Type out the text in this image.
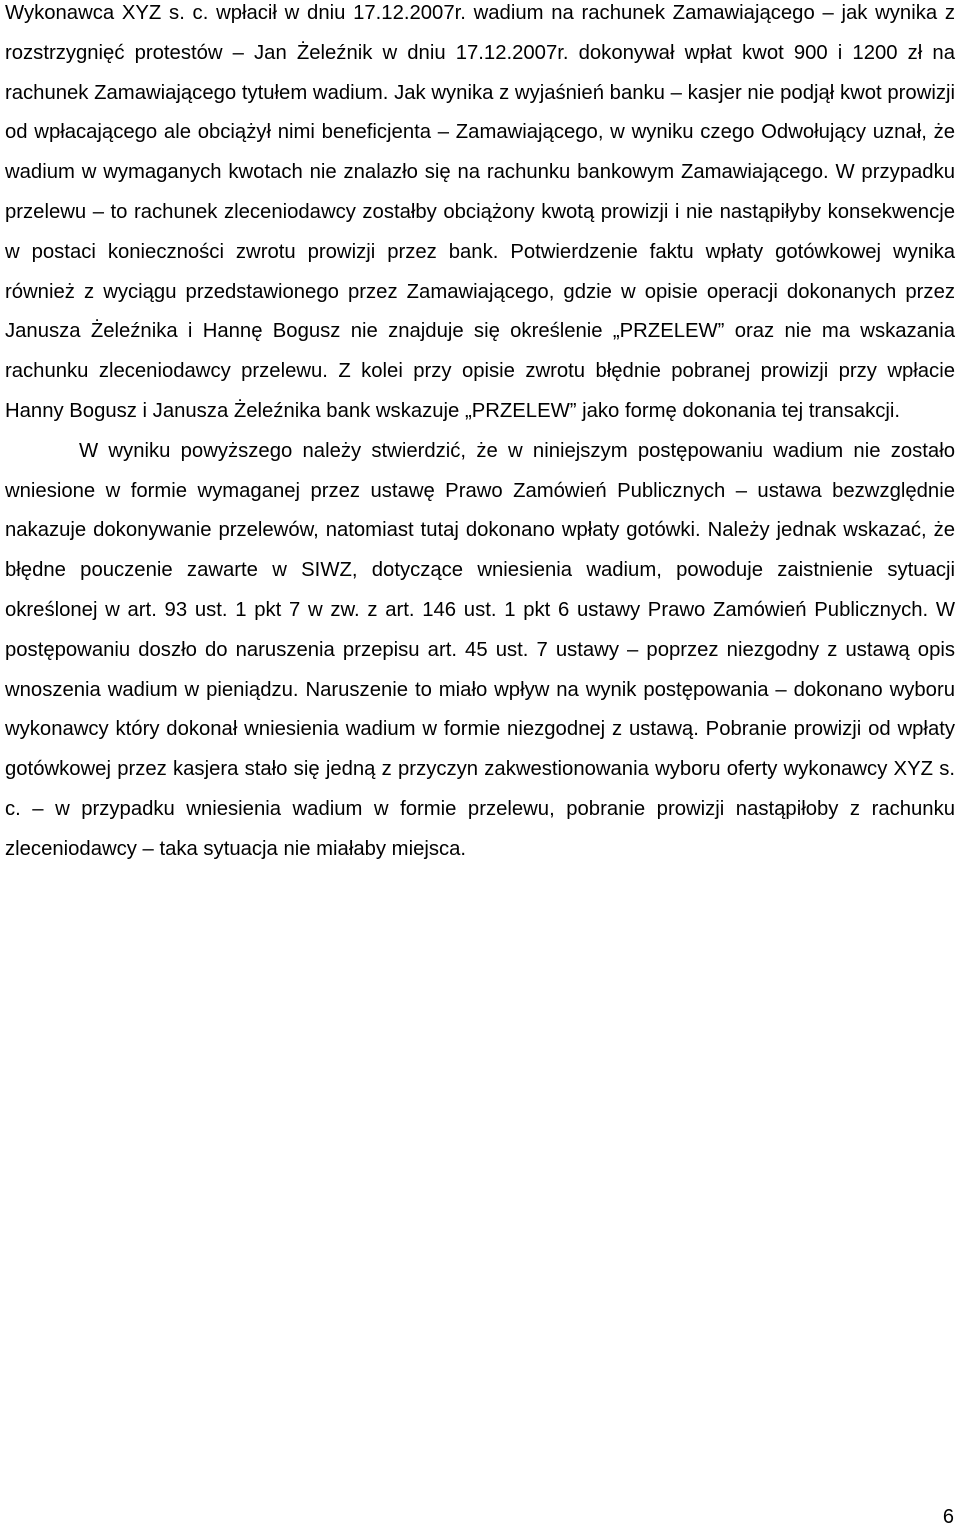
Wykonawca XYZ s. c. wpłacił w dniu 17.12.2007r. wadium na rachunek Zamawiającego – jak wynika z rozstrzygnięć protestów – Jan Żeleźnik w dniu 17.12.2007r. dokonywał wpłat kwot 900 i 1200 zł na rachunek Zamawiającego tytułem wadium. Jak wynika z wyjaśnień banku – kasjer nie podjął kwot prowizji od wpłacającego ale obciążył nimi beneficjenta – Zamawiającego, w wyniku czego Odwołujący uznał, że wadium w wymaganych kwotach nie znalazło się na rachunku bankowym Zamawiającego. W przypadku przelewu – to rachunek zleceniodawcy zostałby obciążony kwotą prowizji i nie nastąpiłyby konsekwencje w postaci konieczności zwrotu prowizji przez bank. Potwierdzenie faktu wpłaty gotówkowej wynika również z wyciągu przedstawionego przez Zamawiającego, gdzie w opisie operacji dokonanych przez Janusza Żeleźnika i Hannę Bogusz nie znajduje się określenie „PRZELEW” oraz nie ma wskazania rachunku zleceniodawcy przelewu. Z kolei przy opisie zwrotu błędnie pobranej prowizji przy wpłacie Hanny Bogusz i Janusza Żeleźnika bank wskazuje „PRZELEW” jako formę dokonania tej transakcji.

W wyniku powyższego należy stwierdzić, że w niniejszym postępowaniu wadium nie zostało wniesione w formie wymaganej przez ustawę Prawo Zamówień Publicznych – ustawa bezwzględnie nakazuje dokonywanie przelewów, natomiast tutaj dokonano wpłaty gotówki. Należy jednak wskazać, że błędne pouczenie zawarte w SIWZ, dotyczące wniesienia wadium, powoduje zaistnienie sytuacji określonej w art. 93 ust. 1 pkt 7 w zw. z art. 146 ust. 1 pkt 6 ustawy Prawo Zamówień Publicznych. W postępowaniu doszło do naruszenia przepisu art. 45 ust. 7 ustawy – poprzez niezgodny z ustawą opis wnoszenia wadium w pieniądzu. Naruszenie to miało wpływ na wynik postępowania – dokonano wyboru wykonawcy który dokonał wniesienia wadium w formie niezgodnej z ustawą. Pobranie prowizji od wpłaty gotówkowej przez kasjera stało się jedną z przyczyn zakwestionowania wyboru oferty wykonawcy XYZ s. c. – w przypadku wniesienia wadium w formie przelewu, pobranie prowizji nastąpiłoby z rachunku zleceniodawcy – taka sytuacja nie miałaby miejsca.

6
